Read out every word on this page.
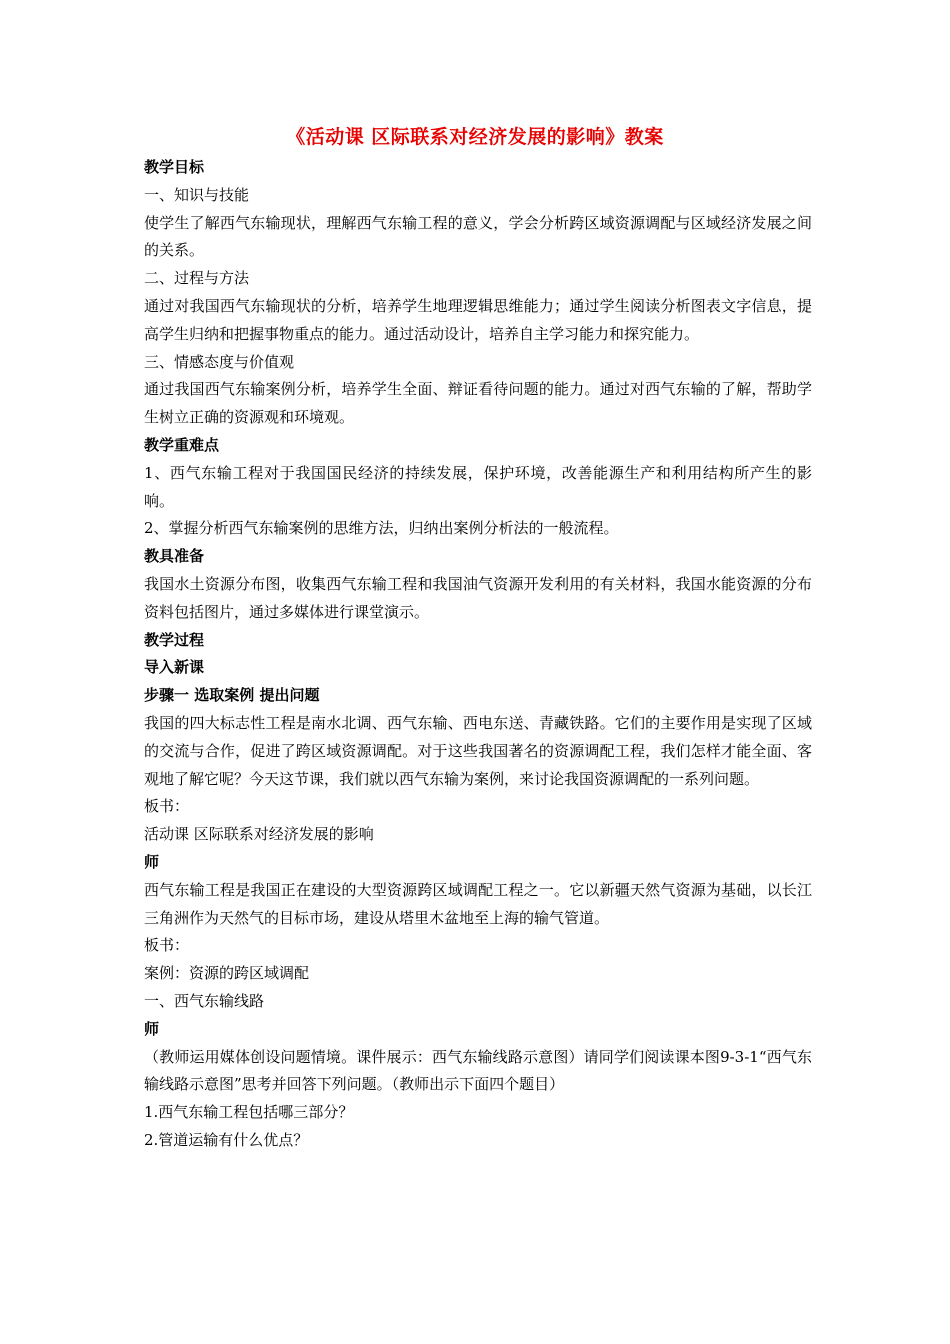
《活动课 区际联系对经济发展的影响》教案

教学目标

一、知识与技能

使学生了解西气东输现状，理解西气东输工程的意义，学会分析跨区域资源调配与区域经济发展之间的关系。

二、过程与方法

通过对我国西气东输现状的分析，培养学生地理逻辑思维能力；通过学生阅读分析图表文字信息，提高学生归纳和把握事物重点的能力。通过活动设计，培养自主学习能力和探究能力。

三、情感态度与价值观

通过我国西气东输案例分析，培养学生全面、辩证看待问题的能力。通过对西气东输的了解，帮助学生树立正确的资源观和环境观。

教学重难点

1、西气东输工程对于我国国民经济的持续发展，保护环境，改善能源生产和利用结构所产生的影响。

2、掌握分析西气东输案例的思维方法，归纳出案例分析法的一般流程。

教具准备

我国水土资源分布图，收集西气东输工程和我国油气资源开发利用的有关材料，我国水能资源的分布资料包括图片，通过多媒体进行课堂演示。

教学过程

导入新课

步骤一 选取案例 提出问题

我国的四大标志性工程是南水北调、西气东输、西电东送、青藏铁路。它们的主要作用是实现了区域的交流与合作，促进了跨区域资源调配。对于这些我国著名的资源调配工程，我们怎样才能全面、客观地了解它呢？今天这节课，我们就以西气东输为案例，来讨论我国资源调配的一系列问题。

板书：

活动课 区际联系对经济发展的影响

师

西气东输工程是我国正在建设的大型资源跨区域调配工程之一。它以新疆天然气资源为基础，以长江三角洲作为天然气的目标市场，建设从塔里木盆地至上海的输气管道。

板书：

案例：资源的跨区域调配

一、西气东输线路

师

（教师运用媒体创设问题情境。课件展示：西气东输线路示意图）请同学们阅读课本图9-3-1“西气东输线路示意图”思考并回答下列问题。（教师出示下面四个题目）

1.西气东输工程包括哪三部分？

2.管道运输有什么优点？
